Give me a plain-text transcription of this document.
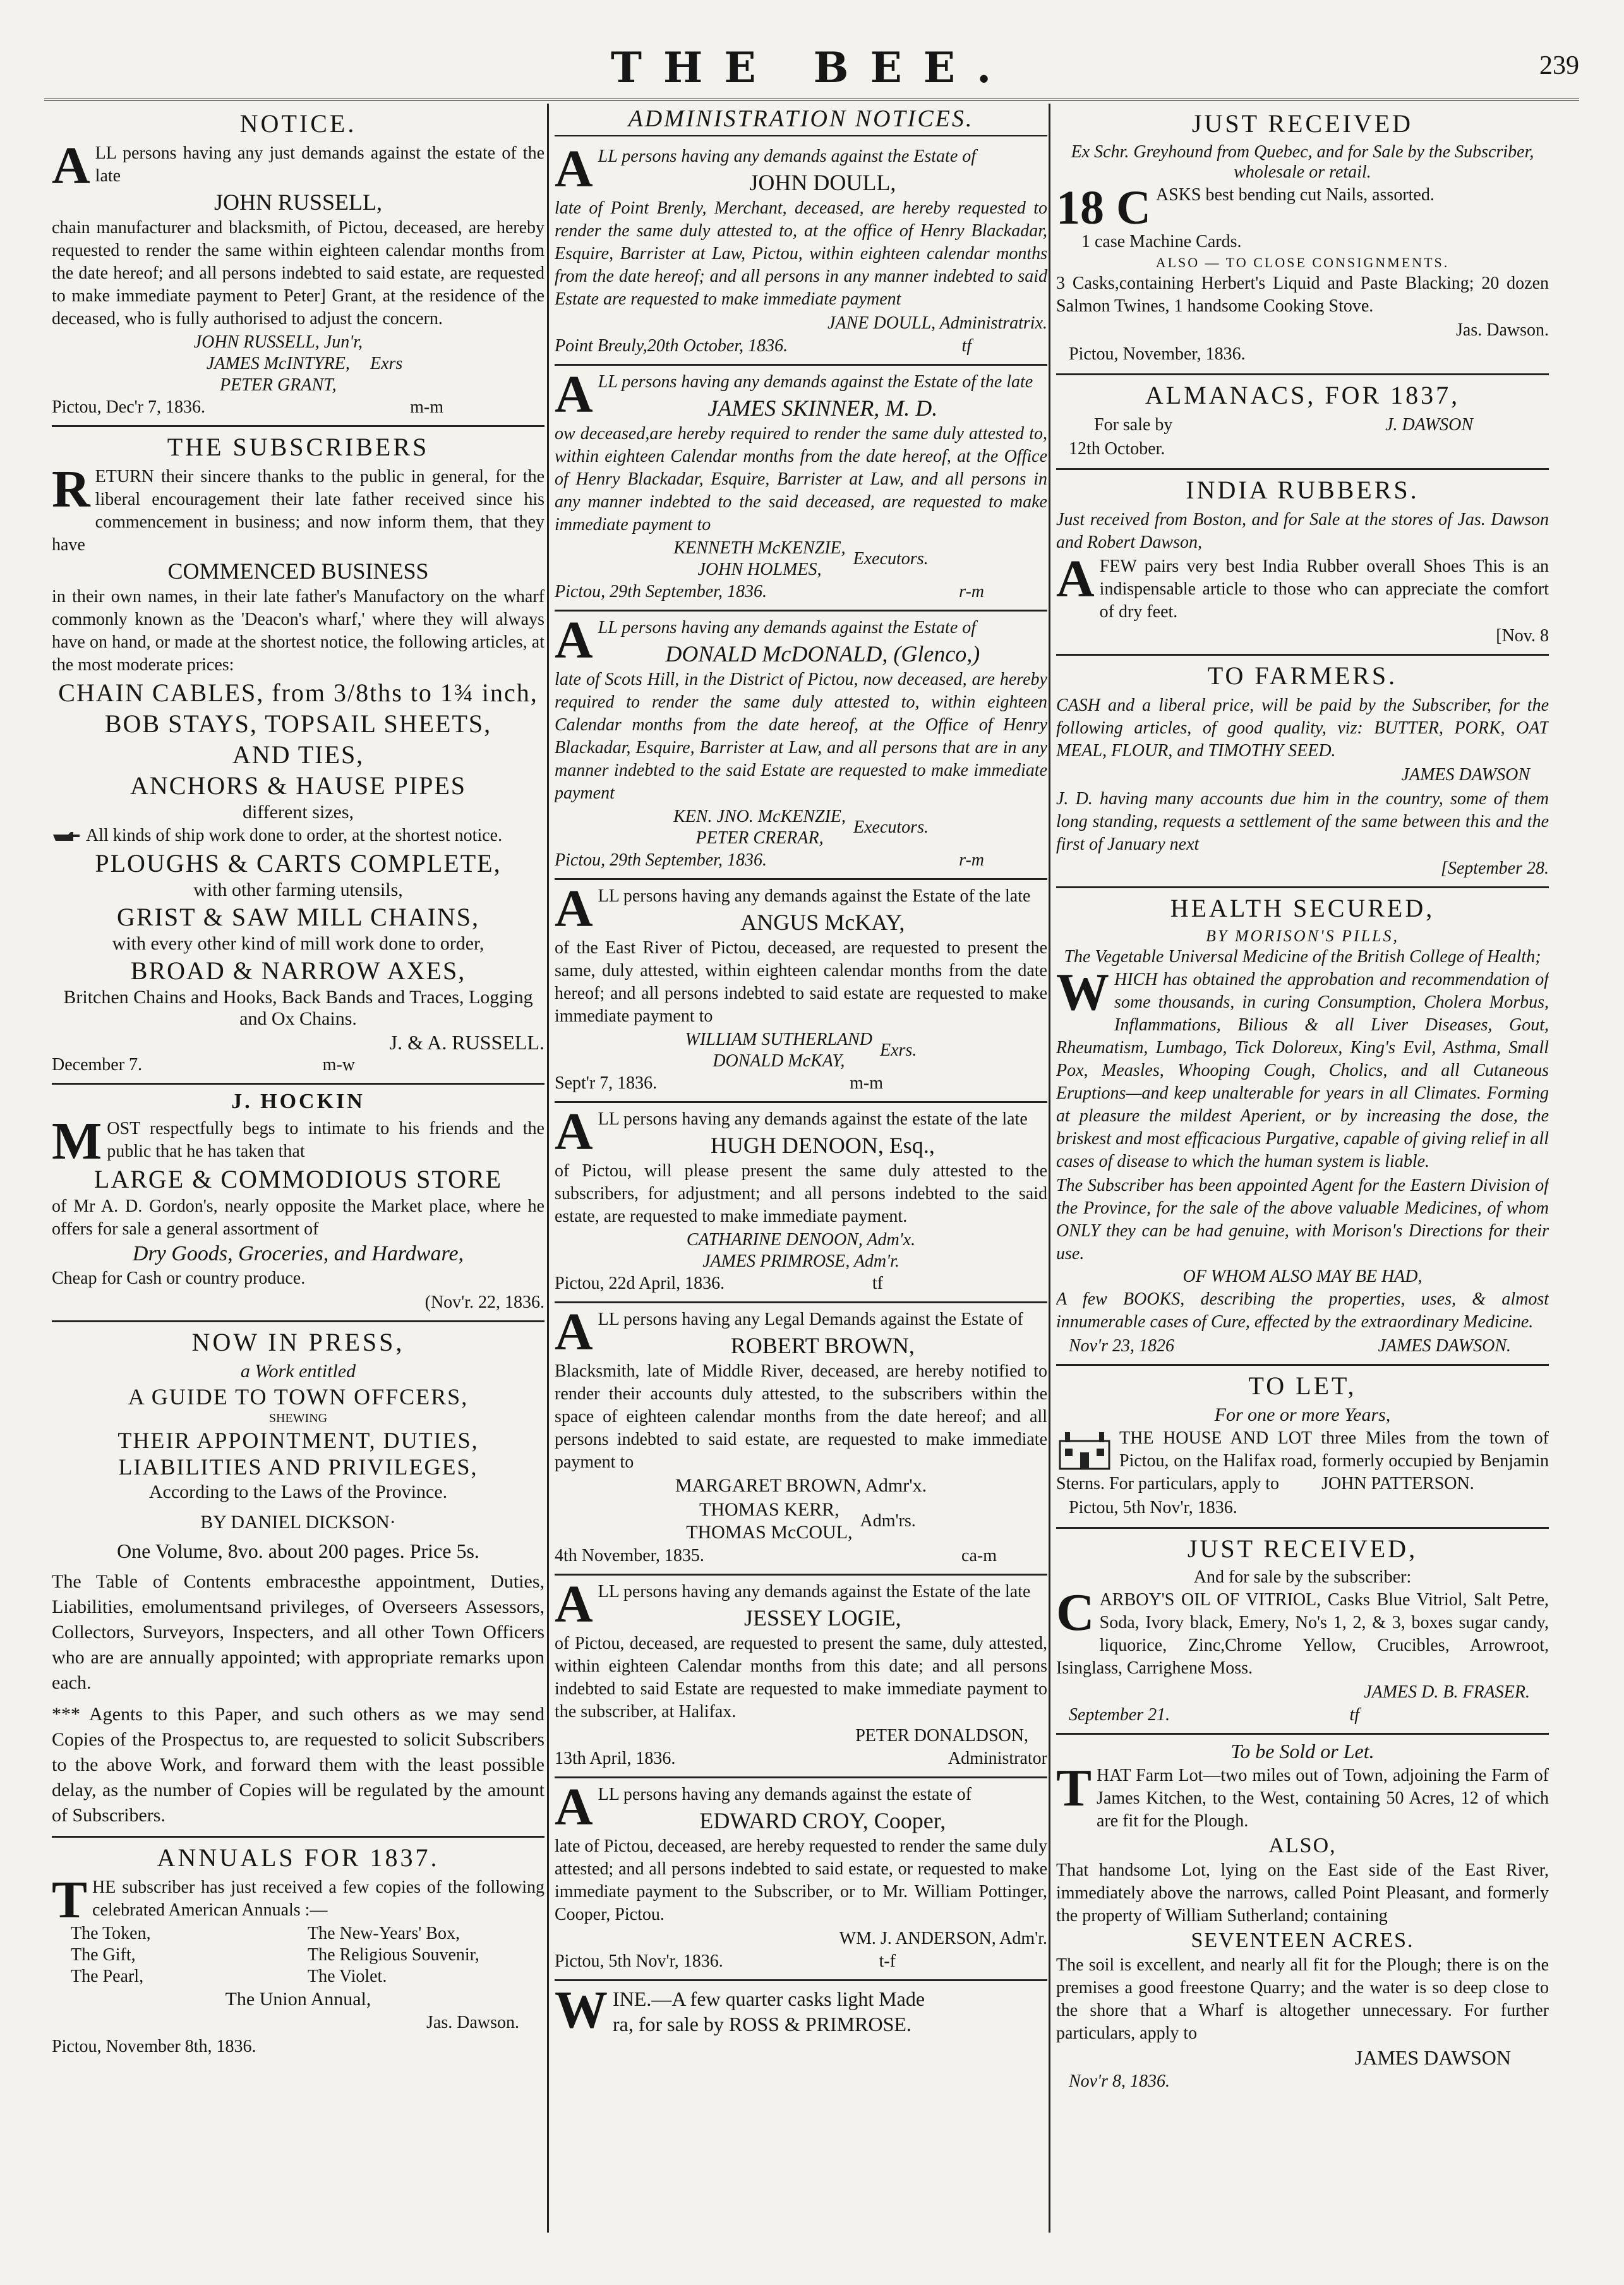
THE BEE.	239
NOTICE.
ALL persons having any just demands against the estate of the late
JOHN RUSSELL,
chain manufacturer and blacksmith, of Pictou, deceased, are hereby requested to render the same within eighteen calendar months from the date hereof; and all persons indebted to said estate, are requested to make immediate payment to Peter] Grant, at the residence of the deceased, who is fully authorised to adjust the concern.
JOHN RUSSELL, Jun'r,
JAMES McINTYRE,
PETER GRANT,
Exrs
Pictou, Dec'r 7, 1836.	m-m
THE SUBSCRIBERS
RETURN their sincere thanks to the public in general, for the liberal encouragement their late father received since his commencement in business; and now inform them, that they have
COMMENCED BUSINESS
in their own names, in their late father's Manufactory on the wharf commonly known as the 'Deacon's wharf,' where they will always have on hand, or made at the shortest notice, the following articles, at the most moderate prices:
CHAIN CABLES, from 3/8ths to 1¾ inch,
BOB STAYS, TOPSAIL SHEETS,
AND TIES,
ANCHORS & HAUSE PIPES
different sizes,
All kinds of ship work done to order, at the shortest notice.
PLOUGHS & CARTS COMPLETE,
with other farming utensils,
GRIST & SAW MILL CHAINS,
with every other kind of mill work done to order,
BROAD & NARROW AXES,
Britchen Chains and Hooks, Back Bands and Traces, Logging and Ox Chains.
J. & A. RUSSELL.
December 7.	m-w
J. HOCKIN
MOST respectfully begs to intimate to his friends and the public that he has taken that
LARGE & COMMODIOUS STORE
of Mr A. D. Gordon's, nearly opposite the Market place, where he offers for sale a general assortment of
Dry Goods, Groceries, and Hardware,
Cheap for Cash or country produce.
(Nov'r. 22, 1836.
NOW IN PRESS,
a Work entitled
A GUIDE TO TOWN OFFCERS,
SHEWING
THEIR APPOINTMENT, DUTIES, LIABILITIES AND PRIVILEGES,
According to the Laws of the Province.
BY DANIEL DICKSON·
One Volume, 8vo. about 200 pages. Price 5s.
The Table of Contents embracesthe appointment, Duties, Liabilities, emolumentsand privileges, of Overseers Assessors, Collectors, Surveyors, Inspecters, and all other Town Officers who are are annually appointed; with appropriate remarks upon each.
*** Agents to this Paper, and such others as we may send Copies of the Prospectus to, are requested to solicit Subscribers to the above Work, and forward them with the least possible delay, as the number of Copies will be regulated by the amount of Subscribers.
ANNUALS FOR 1837.
THE subscriber has just received a few copies of the following celebrated American Annuals :—
The Token,	The New-Years' Box,
The Gift,	The Religious Souvenir,
The Pearl,	The Violet.
The Union Annual,
Jas. Dawson.
Pictou, November 8th, 1836.
ADMINISTRATION NOTICES.
ALL persons having any demands against the Estate of
JOHN DOULL,
late of Point Brenly, Merchant, deceased, are hereby requested to render the same duly attested to, at the office of Henry Blackadar, Esquire, Barrister at Law, Pictou, within eighteen calendar months from the date hereof; and all persons in any manner indebted to said Estate are requested to make immediate payment
JANE DOULL, Administratrix.
Point Breuly,20th October, 1836.	tf
ALL persons having any demands against the Estate of the late
JAMES SKINNER, M. D.
ow deceased,are hereby required to render the same duly attested to, within eighteen Calendar months from the date hereof, at the Office of Henry Blackadar, Esquire, Barrister at Law, and all persons in any manner indebted to the said deceased, are requested to make immediate payment to
KENNETH McKENZIE,
JOHN HOLMES,
Executors.
Pictou, 29th September, 1836.	r-m
ALL persons having any demands against the Estate of
DONALD McDONALD, (Glenco,)
late of Scots Hill, in the District of Pictou, now deceased, are hereby required to render the same duly attested to, within eighteen Calendar months from the date hereof, at the Office of Henry Blackadar, Esquire, Barrister at Law, and all persons that are in any manner indebted to the said Estate are requested to make immediate payment
KEN. JNO. McKENZIE,
PETER CRERAR,
Executors.
Pictou, 29th September, 1836.	r-m
ALL persons having any demands against the Estate of the late
ANGUS McKAY,
of the East River of Pictou, deceased, are requested to present the same, duly attested, within eighteen calendar months from the date hereof; and all persons indebted to said estate are requested to make immediate payment to
WILLIAM SUTHERLAND
DONALD McKAY,
Exrs.
Sept'r 7, 1836.	m-m
ALL persons having any demands against the estate of the late
HUGH DENOON, Esq.,
of Pictou, will please present the same duly attested to the subscribers, for adjustment; and all persons indebted to the said estate, are requested to make immediate payment.
CATHARINE DENOON, Adm'x.
JAMES PRIMROSE, Adm'r.
Pictou, 22d April, 1836.	tf
ALL persons having any Legal Demands against the Estate of
ROBERT BROWN,
Blacksmith, late of Middle River, deceased, are hereby notified to render their accounts duly attested, to the subscribers within the space of eighteen calendar months from the date hereof; and all persons indebted to said estate, are requested to make immediate payment to
MARGARET BROWN, Admr'x.
THOMAS KERR,
THOMAS McCOUL,
Adm'rs.
4th November, 1835.	ca-m
ALL persons having any demands against the Estate of the late
JESSEY LOGIE,
of Pictou, deceased, are requested to present the same, duly attested, within eighteen Calendar months from this date; and all persons indebted to said Estate are requested to make immediate payment to the subscriber, at Halifax.
PETER DONALDSON,
13th April, 1836.	Administrator
ALL persons having any demands against the estate of
EDWARD CROY, Cooper,
late of Pictou, deceased, are hereby requested to render the same duly attested; and all persons indebted to said estate, or requested to make immediate payment to the Subscriber, or to Mr. William Pottinger, Cooper, Pictou.
WM. J. ANDERSON, Adm'r.
Pictou, 5th Nov'r, 1836.	t-f
WINE.—A few quarter casks light Made
ra, for sale by ROSS & PRIMROSE.
JUST RECEIVED
Ex Schr. Greyhound from Quebec, and for Sale by the Subscriber, wholesale or retail.
18 C ASKS best bending cut Nails, assorted.
1 case Machine Cards.
ALSO — TO CLOSE CONSIGNMENTS.
3 Casks,containing Herbert's Liquid and Paste Blacking; 20 dozen Salmon Twines, 1 handsome Cooking Stove.
Jas. Dawson.
Pictou, November, 1836.
ALMANACS, FOR 1837,
For sale by	J. DAWSON
12th October.
INDIA RUBBERS.
Just received from Boston, and for Sale at the stores of Jas. Dawson and Robert Dawson,
AFEW pairs very best India Rubber overall Shoes This is an indispensable article to those who can appreciate the comfort of dry feet.
[Nov. 8
TO FARMERS.
CASH and a liberal price, will be paid by the Subscriber, for the following articles, of good quality, viz: BUTTER, PORK, OAT MEAL, FLOUR, and TIMOTHY SEED.
JAMES DAWSON
J. D. having many accounts due him in the country, some of them long standing, requests a settlement of the same between this and the first of January next
[September 28.
HEALTH SECURED,
BY MORISON'S PILLS,
The Vegetable Universal Medicine of the British College of Health;
WHICH has obtained the approbation and recommendation of some thousands, in curing Consumption, Cholera Morbus, Inflammations, Bilious & all Liver Diseases, Gout, Rheumatism, Lumbago, Tick Doloreux, King's Evil, Asthma, Small Pox, Measles, Whooping Cough, Cholics, and all Cutaneous Eruptions—and keep unalterable for years in all Climates. Forming at pleasure the mildest Aperient, or by increasing the dose, the briskest and most efficacious Purgative, capable of giving relief in all cases of disease to which the human system is liable.
The Subscriber has been appointed Agent for the Eastern Division of the Province, for the sale of the above valuable Medicines, of whom ONLY they can be had genuine, with Morison's Directions for their use.
OF WHOM ALSO MAY BE HAD,
A few BOOKS, describing the properties, uses, & almost innumerable cases of Cure, effected by the extraordinary Medicine.
Nov'r 23, 1826	JAMES DAWSON.
TO LET,
For one or more Years,
THE HOUSE AND LOT three Miles from the town of Pictou, on the Halifax road, formerly occupied by Benjamin Sterns. For particulars, apply to JOHN PATTERSON.
Pictou, 5th Nov'r, 1836.
JUST RECEIVED,
And for sale by the subscriber:
CARBOY'S OIL OF VITRIOL, Casks Blue Vitriol, Salt Petre, Soda, Ivory black, Emery, No's 1, 2, & 3, boxes sugar candy, liquorice, Zinc,Chrome Yellow, Crucibles, Arrowroot, Isinglass, Carrighene Moss.
JAMES D. B. FRASER.
September 21.	tf
To be Sold or Let.
THAT Farm Lot—two miles out of Town, adjoining the Farm of James Kitchen, to the West, containing 50 Acres, 12 of which are fit for the Plough.
ALSO,
That handsome Lot, lying on the East side of the East River, immediately above the narrows, called Point Pleasant, and formerly the property of William Sutherland; containing
SEVENTEEN ACRES.
The soil is excellent, and nearly all fit for the Plough; there is on the premises a good freestone Quarry; and the water is so deep close to the shore that a Wharf is altogether unnecessary. For further particulars, apply to
JAMES DAWSON
Nov'r 8, 1836.
